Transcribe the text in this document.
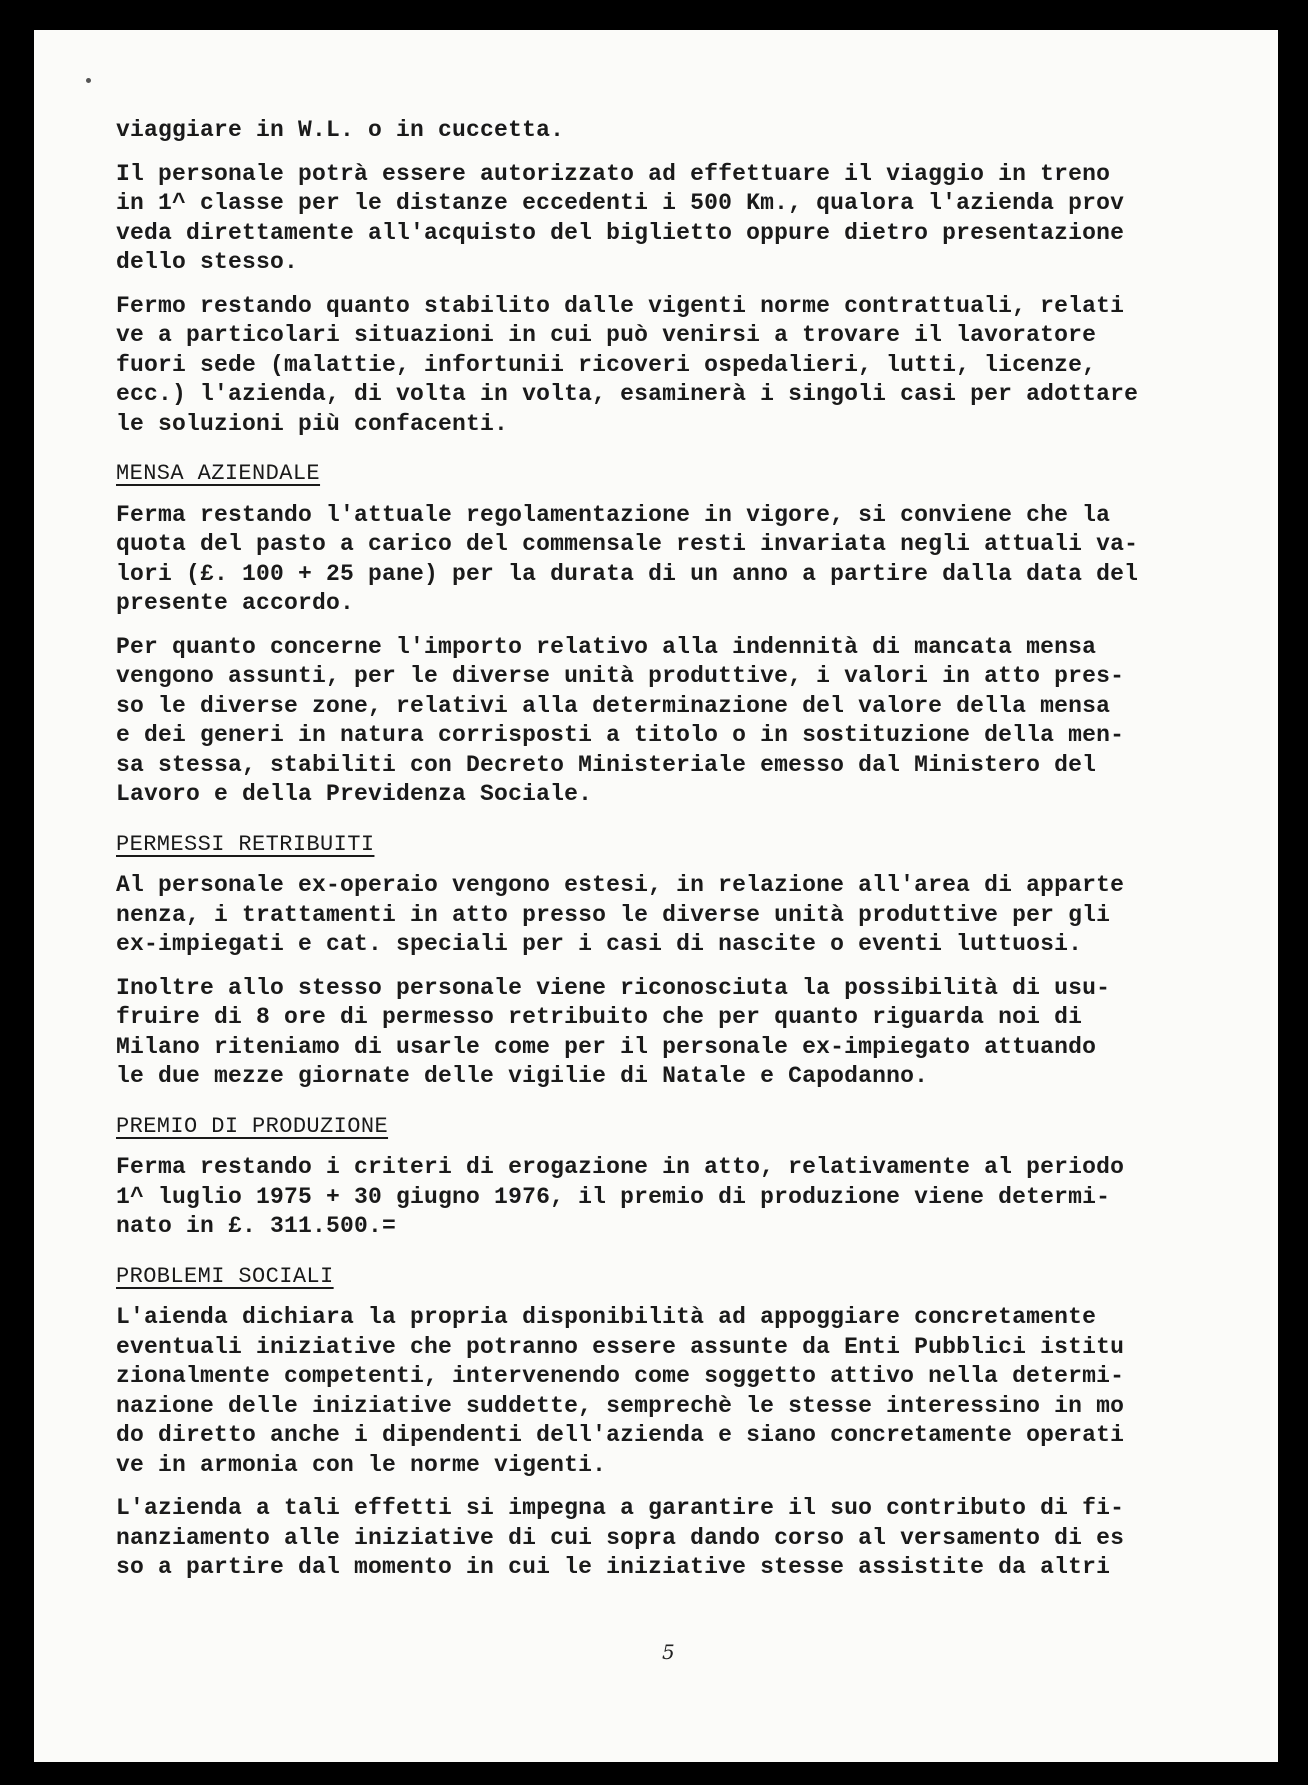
viaggiare in W.L. o in cuccetta.

Il personale potrà essere autorizzato ad effettuare il viaggio in treno
in 1^ classe per le distanze eccedenti i 500 Km., qualora l'azienda prov
veda direttamente all'acquisto del biglietto oppure dietro presentazione
dello stesso.

Fermo restando quanto stabilito dalle vigenti norme contrattuali, relati
ve a particolari situazioni in cui può venirsi a trovare il lavoratore
fuori sede (malattie, infortunii ricoveri ospedalieri, lutti, licenze,
ecc.) l'azienda, di volta in volta, esaminerà i singoli casi per adottare
le soluzioni più confacenti.

MENSA AZIENDALE

Ferma restando l'attuale regolamentazione in vigore, si conviene che la
quota del pasto a carico del commensale resti invariata negli attuali va-
lori (£. 100 + 25 pane) per la durata di un anno a partire dalla data del
presente accordo.

Per quanto concerne l'importo relativo alla indennità di mancata mensa
vengono assunti, per le diverse unità produttive, i valori in atto pres-
so le diverse zone, relativi alla determinazione del valore della mensa
e dei generi in natura corrisposti a titolo o in sostituzione della men-
sa stessa, stabiliti con Decreto Ministeriale emesso dal Ministero del
Lavoro e della Previdenza Sociale.

PERMESSI RETRIBUITI

Al personale ex-operaio vengono estesi, in relazione all'area di apparte
nenza, i trattamenti in atto presso le diverse unità produttive per gli
ex-impiegati e cat. speciali per i casi di nascite o eventi luttuosi.

Inoltre allo stesso personale viene riconosciuta la possibilità di usu-
fruire di 8 ore di permesso retribuito che per quanto riguarda noi di
Milano riteniamo di usarle come per il personale ex-impiegato attuando
le due mezze giornate delle vigilie di Natale e Capodanno.

PREMIO DI PRODUZIONE

Ferma restando i criteri di erogazione in atto, relativamente al periodo
1^ luglio 1975 + 30 giugno 1976, il premio di produzione viene determi-
nato in £. 311.500.=

PROBLEMI SOCIALI

L'aienda dichiara la propria disponibilità ad appoggiare concretamente
eventuali iniziative che potranno essere assunte da Enti Pubblici istitu
zionalmente competenti, intervenendo come soggetto attivo nella determi-
nazione delle iniziative suddette, semprechè le stesse interessino in mo
do diretto anche i dipendenti dell'azienda e siano concretamente operati
ve in armonia con le norme vigenti.

L'azienda a tali effetti si impegna a garantire il suo contributo di fi-
nanziamento alle iniziative di cui sopra dando corso al versamento di es
so a partire dal momento in cui le iniziative stesse assistite da altri

5
